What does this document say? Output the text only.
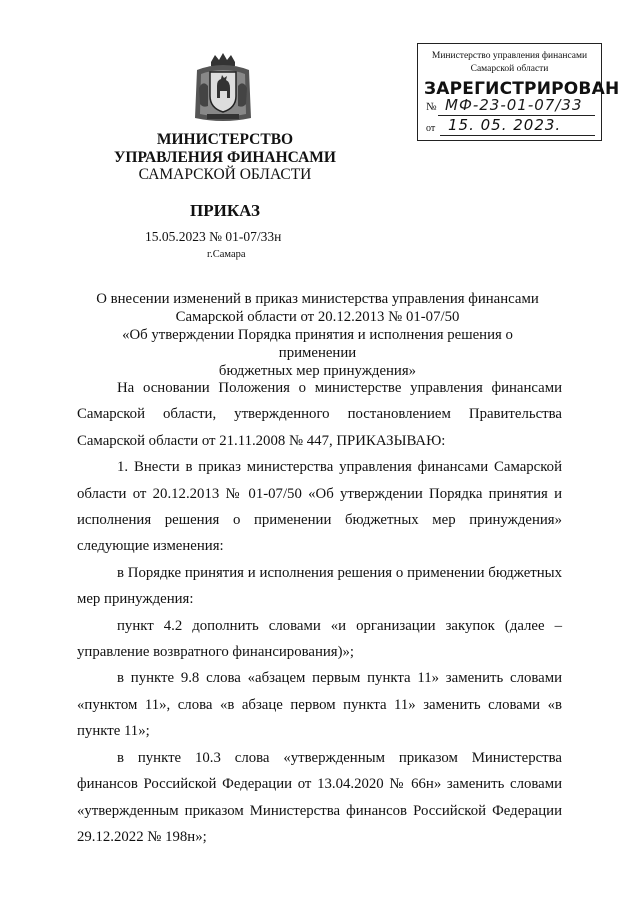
МИНИСТЕРСТВО
УПРАВЛЕНИЯ ФИНАНСАМИ
САМАРСКОЙ ОБЛАСТИ
ПРИКАЗ
15.05.2023 № 01-07/33н
г.Самара
Министерство управления финансами
Самарской области
ЗАРЕГИСТРИРОВАН
№ МФ-23-01-07/33
от 15. 05. 2023.
О внесении изменений в приказ министерства управления финансами
Самарской области от 20.12.2013 № 01-07/50
«Об утверждении Порядка принятия и исполнения решения о применении
бюджетных мер принуждения»

На основании Положения о министерстве управления финансами Самарской области, утвержденного постановлением Правительства Самарской области от 21.11.2008 № 447, ПРИКАЗЫВАЮ:

1. Внести в приказ министерства управления финансами Самарской области от 20.12.2013 № 01-07/50 «Об утверждении Порядка принятия и исполнения решения о применении бюджетных мер принуждения» следующие изменения:

в Порядке принятия и исполнения решения о применении бюджетных мер принуждения:

пункт 4.2 дополнить словами «и организации закупок (далее – управление возвратного финансирования)»;

в пункте 9.8 слова «абзацем первым пункта 11» заменить словами «пунктом 11», слова «в абзаце первом пункта 11» заменить словами «в пункте 11»;

в пункте 10.3 слова «утвержденным приказом Министерства финансов Российской Федерации от 13.04.2020 № 66н» заменить словами «утвержденным приказом Министерства финансов Российской Федерации 29.12.2022 № 198н»;
